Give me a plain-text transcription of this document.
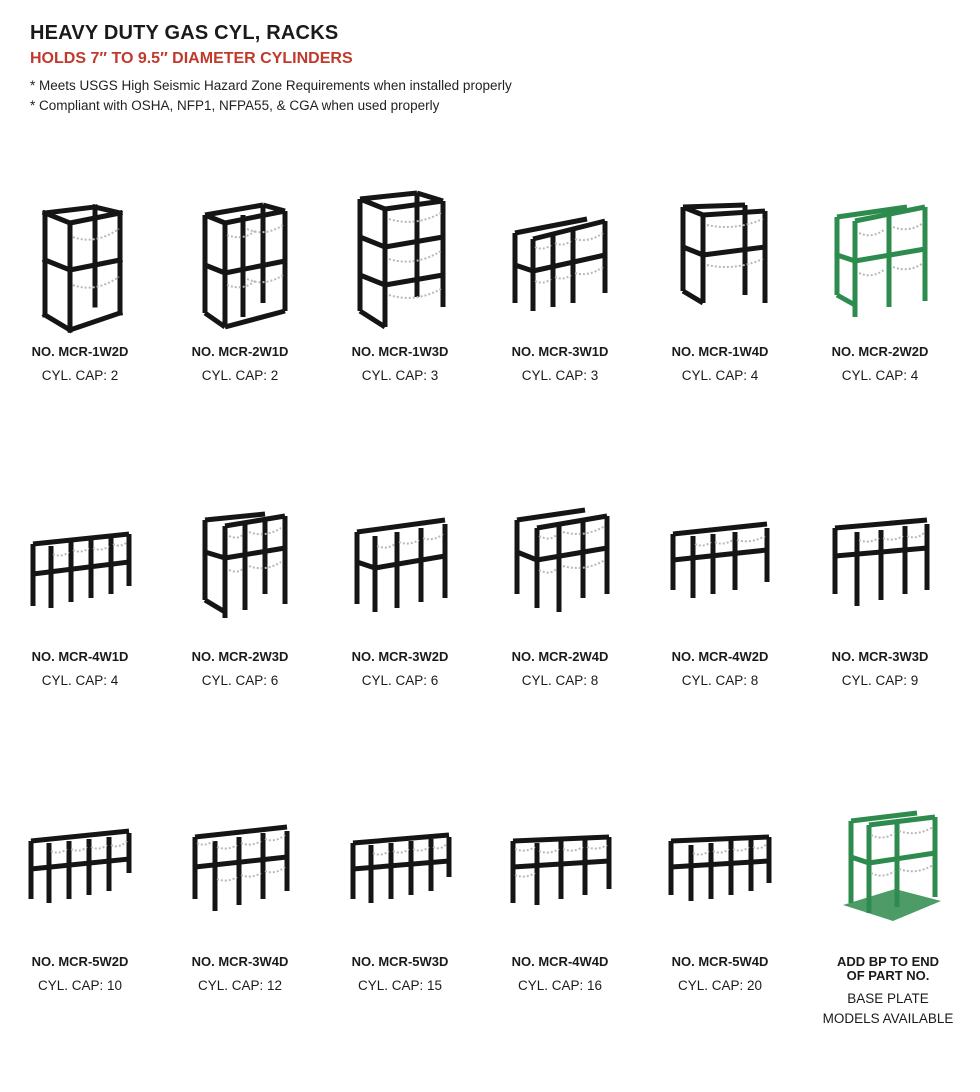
HEAVY DUTY GAS CYL, RACKS
HOLDS 7″ TO 9.5″ DIAMETER CYLINDERS

* Meets USGS High Seismic Hazard Zone Requirements when installed properly

* Compliant with OSHA, NFP1, NFPA55, & CGA when used properly

NO. MCR-1W2D
CYL. CAP: 2
NO. MCR-2W1D
CYL. CAP: 2
NO. MCR-1W3D
CYL. CAP: 3
NO. MCR-3W1D
CYL. CAP: 3
NO. MCR-1W4D
CYL. CAP: 4
NO. MCR-2W2D
CYL. CAP: 4
NO. MCR-4W1D
CYL. CAP: 4
NO. MCR-2W3D
CYL. CAP: 6
NO. MCR-3W2D
CYL. CAP: 6
NO. MCR-2W4D
CYL. CAP: 8
NO. MCR-4W2D
CYL. CAP: 8
NO. MCR-3W3D
CYL. CAP: 9
NO. MCR-5W2D
CYL. CAP: 10
NO. MCR-3W4D
CYL. CAP: 12
NO. MCR-5W3D
CYL. CAP: 15
NO. MCR-4W4D
CYL. CAP: 16
NO. MCR-5W4D
CYL. CAP: 20
ADD BP TO END
OF PART NO.
BASE PLATE
MODELS AVAILABLE
